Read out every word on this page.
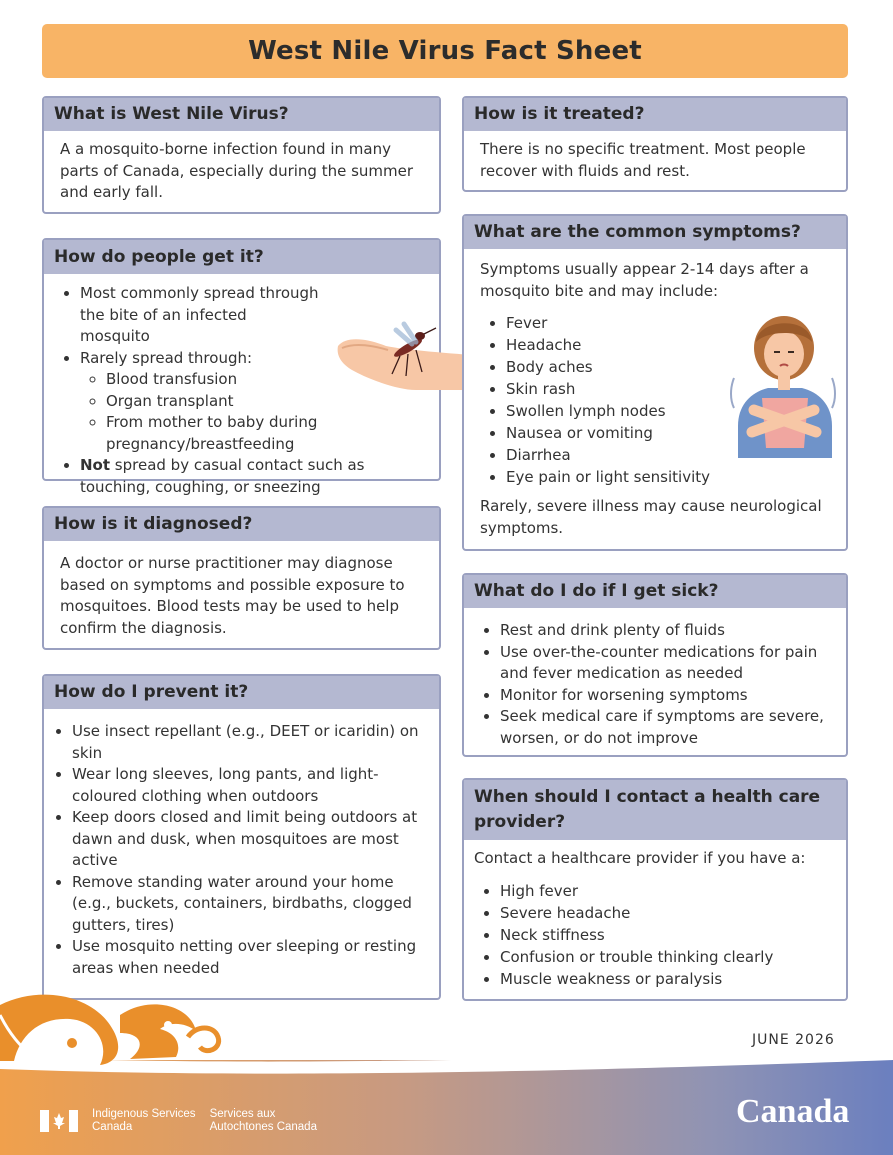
West Nile Virus Fact Sheet
What is West Nile Virus?

A a mosquito-borne infection found in many parts of Canada, especially during the summer and early fall.

How do people get it?
• Most commonly spread through the bite of an infected mosquito
• Rarely spread through:
◦ Blood transfusion
◦ Organ transplant
◦ From mother to baby during pregnancy/breastfeeding
• Not spread by casual contact such as touching, coughing, or sneezing
How is it diagnosed?

A doctor or nurse practitioner may diagnose based on symptoms and possible exposure to mosquitoes. Blood tests may be used to help confirm the diagnosis.

How do I prevent it?
• Use insect repellant (e.g., DEET or icaridin) on skin
• Wear long sleeves, long pants, and light-coloured clothing when outdoors
• Keep doors closed and limit being outdoors at dawn and dusk, when mosquitoes are most active
• Remove standing water around your home (e.g., buckets, containers, birdbaths, clogged gutters, tires)
• Use mosquito netting over sleeping or resting areas when needed
How is it treated?

There is no specific treatment. Most people recover with fluids and rest.

What are the common symptoms?

Symptoms usually appear 2-14 days after a mosquito bite and may include:

• Fever
• Headache
• Body aches
• Skin rash
• Swollen lymph nodes
• Nausea or vomiting
• Diarrhea
• Eye pain or light sensitivity

Rarely, severe illness may cause neurological symptoms.

What do I do if I get sick?
• Rest and drink plenty of fluids
• Use over-the-counter medications for pain and fever medication as needed
• Monitor for worsening symptoms
• Seek medical care if symptoms are severe, worsen, or do not improve
When should I contact a health care provider?

Contact a healthcare provider if you have a:

• High fever
• Severe headache
• Neck stiffness
• Confusion or trouble thinking clearly
• Muscle weakness or paralysis
JUNE 2026
Indigenous Services
Canada
Services aux
Autochtones Canada	Canada
